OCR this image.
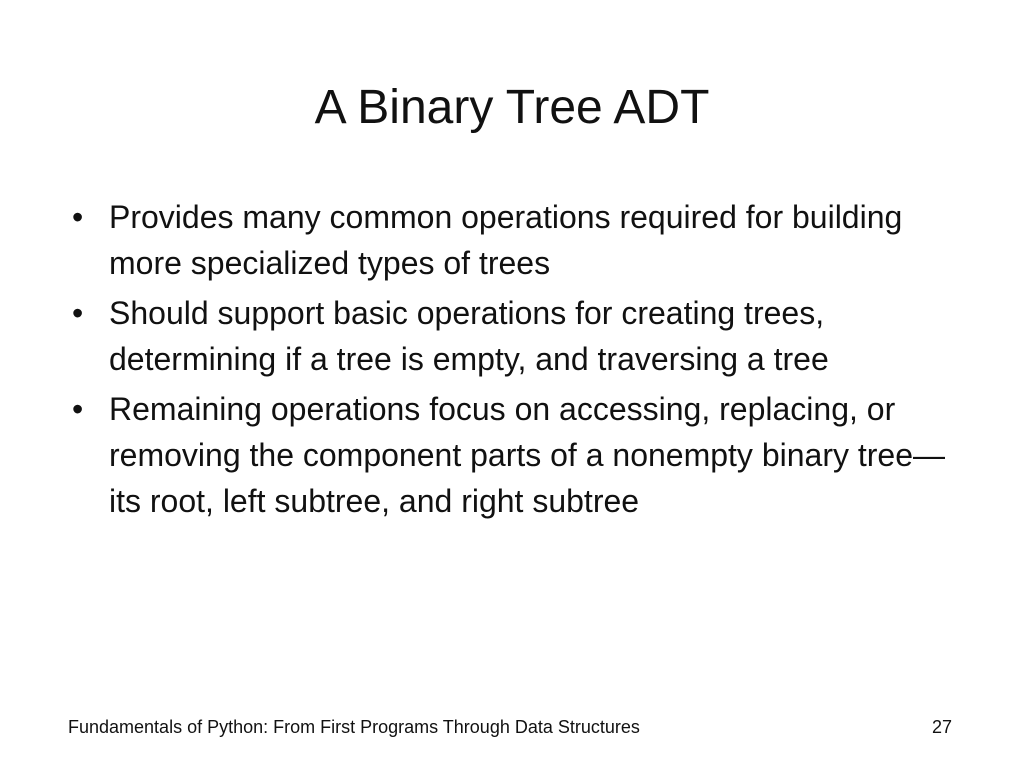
A Binary Tree ADT
• Provides many common operations required for building more specialized types of trees
• Should support basic operations for creating trees, determining if a tree is empty, and traversing a tree
• Remaining operations focus on accessing, replacing, or removing the component parts of a nonempty binary tree—its root, left subtree, and right subtree
Fundamentals of Python: From First Programs Through Data Structures	27
